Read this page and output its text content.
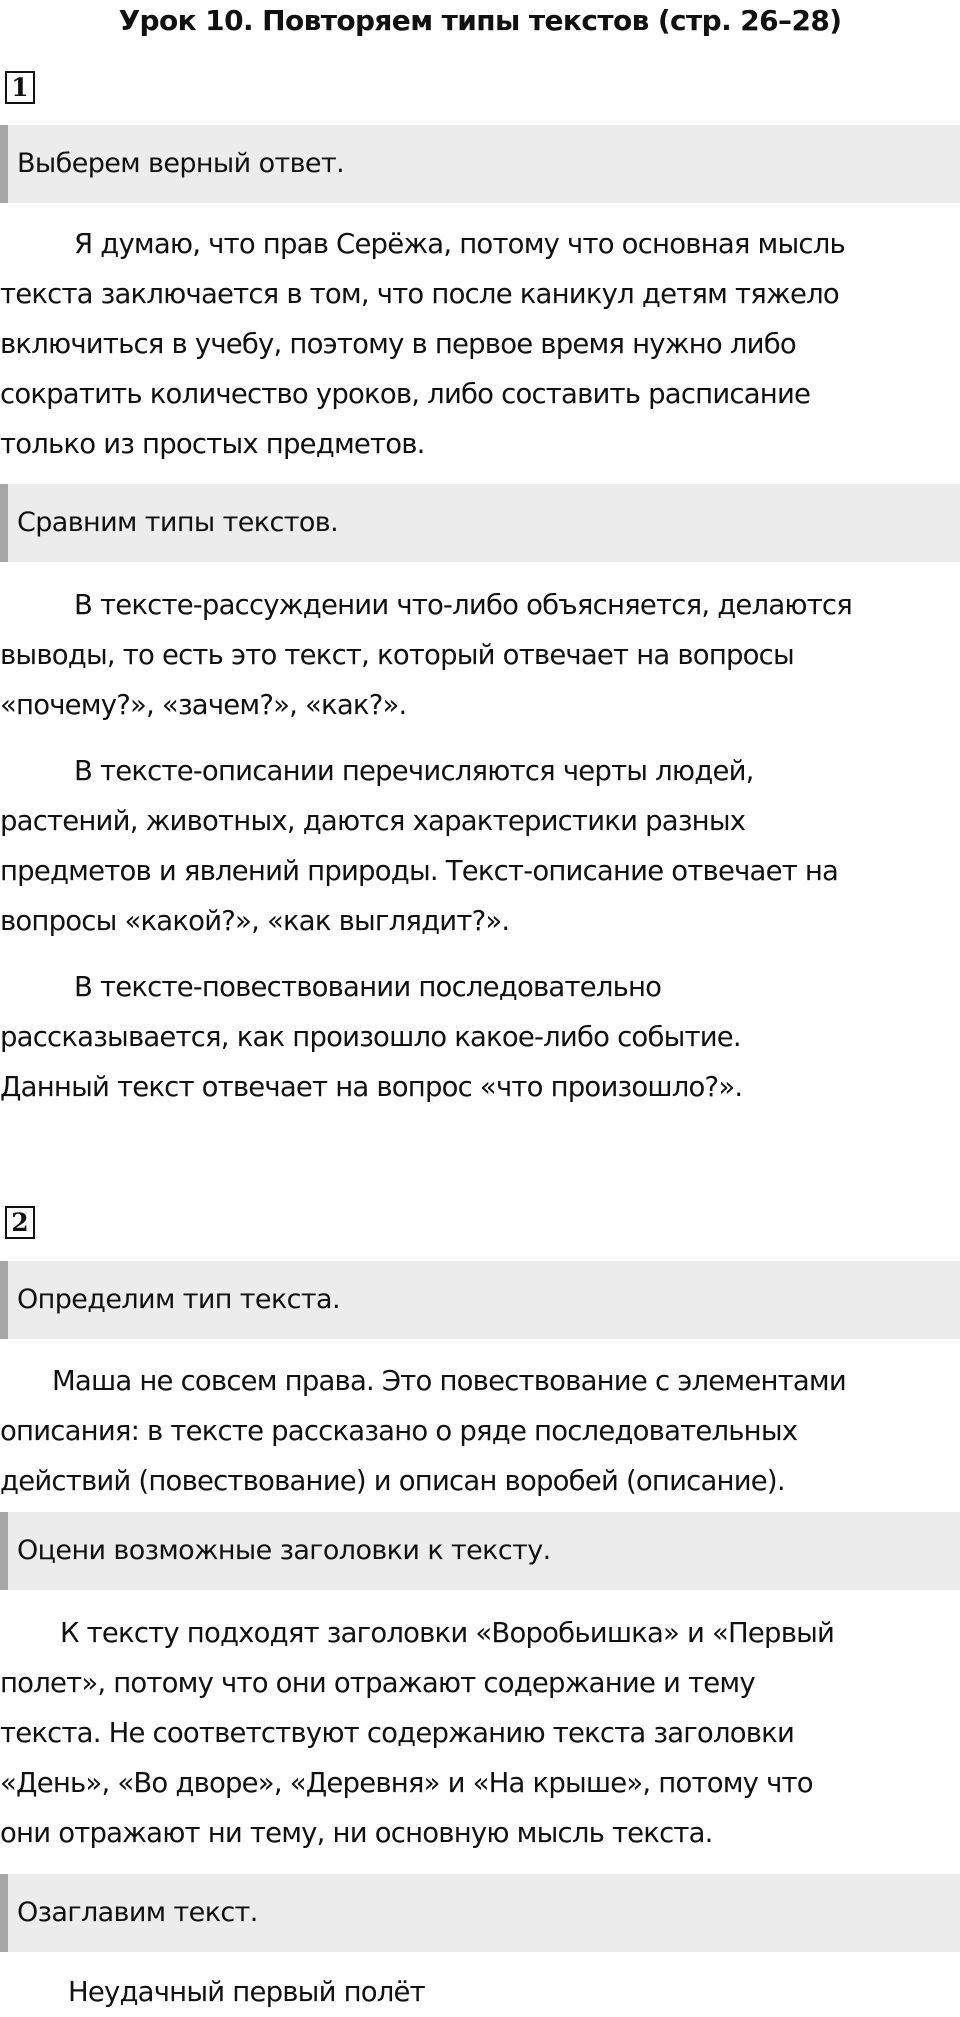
Урок 10. Повторяем типы текстов (стр. 26–28)
1
Выберем верный ответ.
Я думаю, что прав Серёжа, потому что основная мысль
текста заключается в том, что после каникул детям тяжело
включиться в учебу, поэтому в первое время нужно либо
сократить количество уроков, либо составить расписание
только из простых предметов.
Сравним типы текстов.
В тексте-рассуждении что-либо объясняется, делаются
выводы, то есть это текст, который отвечает на вопросы
«почему?», «зачем?», «как?».
В тексте-описании перечисляются черты людей,
растений, животных, даются характеристики разных
предметов и явлений природы. Текст-описание отвечает на
вопросы «какой?», «как выглядит?».
В тексте-повествовании последовательно
рассказывается, как произошло какое-либо событие.
Данный текст отвечает на вопрос «что произошло?».
2
Определим тип текста.
Маша не совсем права. Это повествование с элементами
описания: в тексте рассказано о ряде последовательных
действий (повествование) и описан воробей (описание).
Оцени возможные заголовки к тексту.
К тексту подходят заголовки «Воробьишка» и «Первый
полет», потому что они отражают содержание и тему
текста. Не соответствуют содержанию текста заголовки
«День», «Во дворе», «Деревня» и «На крыше», потому что
они отражают ни тему, ни основную мысль текста.
Озаглавим текст.
Неудачный первый полёт
